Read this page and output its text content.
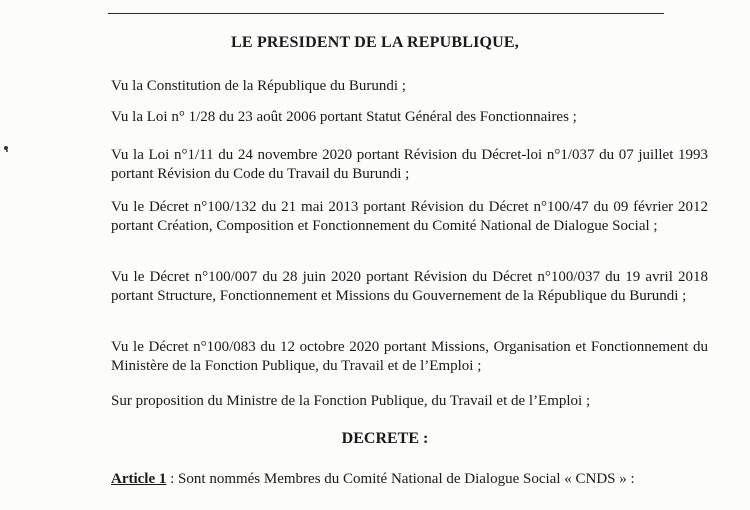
LE PRESIDENT DE LA REPUBLIQUE,
Vu la Constitution de la République du Burundi ;
Vu la Loi n° 1/28 du 23 août 2006 portant Statut Général des Fonctionnaires ;
Vu la Loi n°1/11 du 24 novembre 2020 portant Révision du Décret-loi n°1/037 du 07 juillet 1993 portant Révision du Code du Travail du Burundi ;
Vu le Décret n°100/132 du 21 mai 2013 portant Révision du Décret n°100/47 du 09 février 2012 portant Création, Composition et Fonctionnement du Comité National de Dialogue Social ;
Vu le Décret n°100/007 du 28 juin 2020 portant Révision du Décret n°100/037 du 19 avril 2018 portant Structure, Fonctionnement et Missions du Gouvernement de la République du Burundi ;
Vu le Décret n°100/083 du 12 octobre 2020 portant Missions, Organisation et Fonctionnement du Ministère de la Fonction Publique, du Travail et de l’Emploi ;
Sur proposition du Ministre de la Fonction Publique, du Travail et de l’Emploi ;
DECRETE :
Article 1 : Sont nommés Membres du Comité National de Dialogue Social « CNDS » :
